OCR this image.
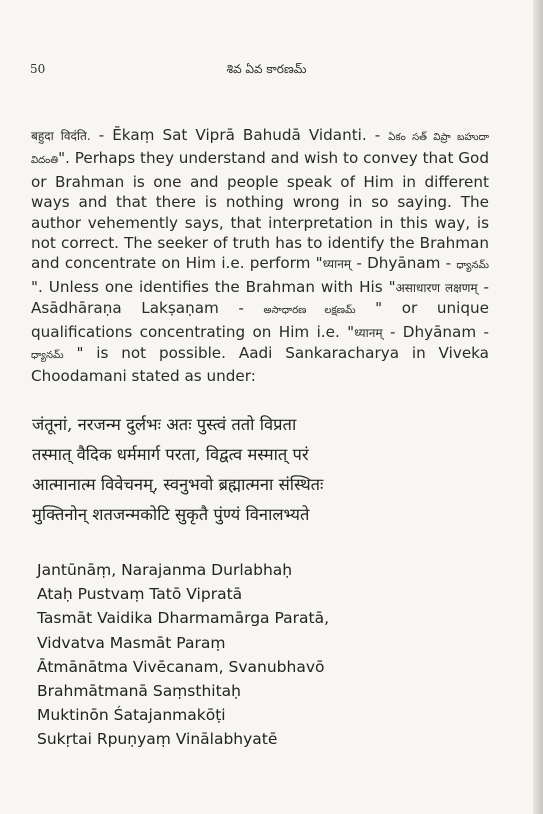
50	శివ ఏవ కారణమ్

बहुदा विदंति. - Ēkaṃ Sat Viprā Bahudā Vidanti. - ఏకం సత్ విప్రా బహుదా విదంతి". Perhaps they understand and wish to convey that God or Brahman is one and people speak of Him in different ways and that there is nothing wrong in so saying. The author vehemently says, that interpretation in this way, is not correct. The seeker of truth has to identify the Brahman and concentrate on Him i.e. perform "ध्यानम् - Dhyānam - ధ్యానమ్ ". Unless one identifies the Brahman with His "असाधारण लक्षणम् - Asādhāraṇa Lakṣaṇam - అసాధారణ లక్షణమ్ " or unique qualifications concentrating on Him i.e. "ध्यानम् - Dhyānam - ధ్యానమ్ " is not possible. Aadi Sankaracharya in Viveka Choodamani stated as under:

जंतूनां, नरजन्म दुर्लभः अतः पुस्त्वं ततो विप्रता
तस्मात् वैदिक धर्ममार्ग परता, विद्वत्व मस्मात् परं
आत्मानात्म विवेचनम्, स्वनुभवो ब्रह्मात्मना संस्थितः
मुक्तिनोन् शतजन्मकोटि सुकृतै पुंण्यं विनालभ्यते
Jantūnāṃ, Narajanma Durlabhaḥ
Ataḥ Pustvaṃ Tatō Vipratā
Tasmāt Vaidika Dharmamārga Paratā,
Vidvatva Masmāt Paraṃ
Ātmānātma Vivēcanam, Svanubhavō
Brahmātmanā Saṃsthitaḥ
Muktinōn Śatajanmakōṭi
Sukṛtai Rpuṇyaṃ Vinālabhyatē
